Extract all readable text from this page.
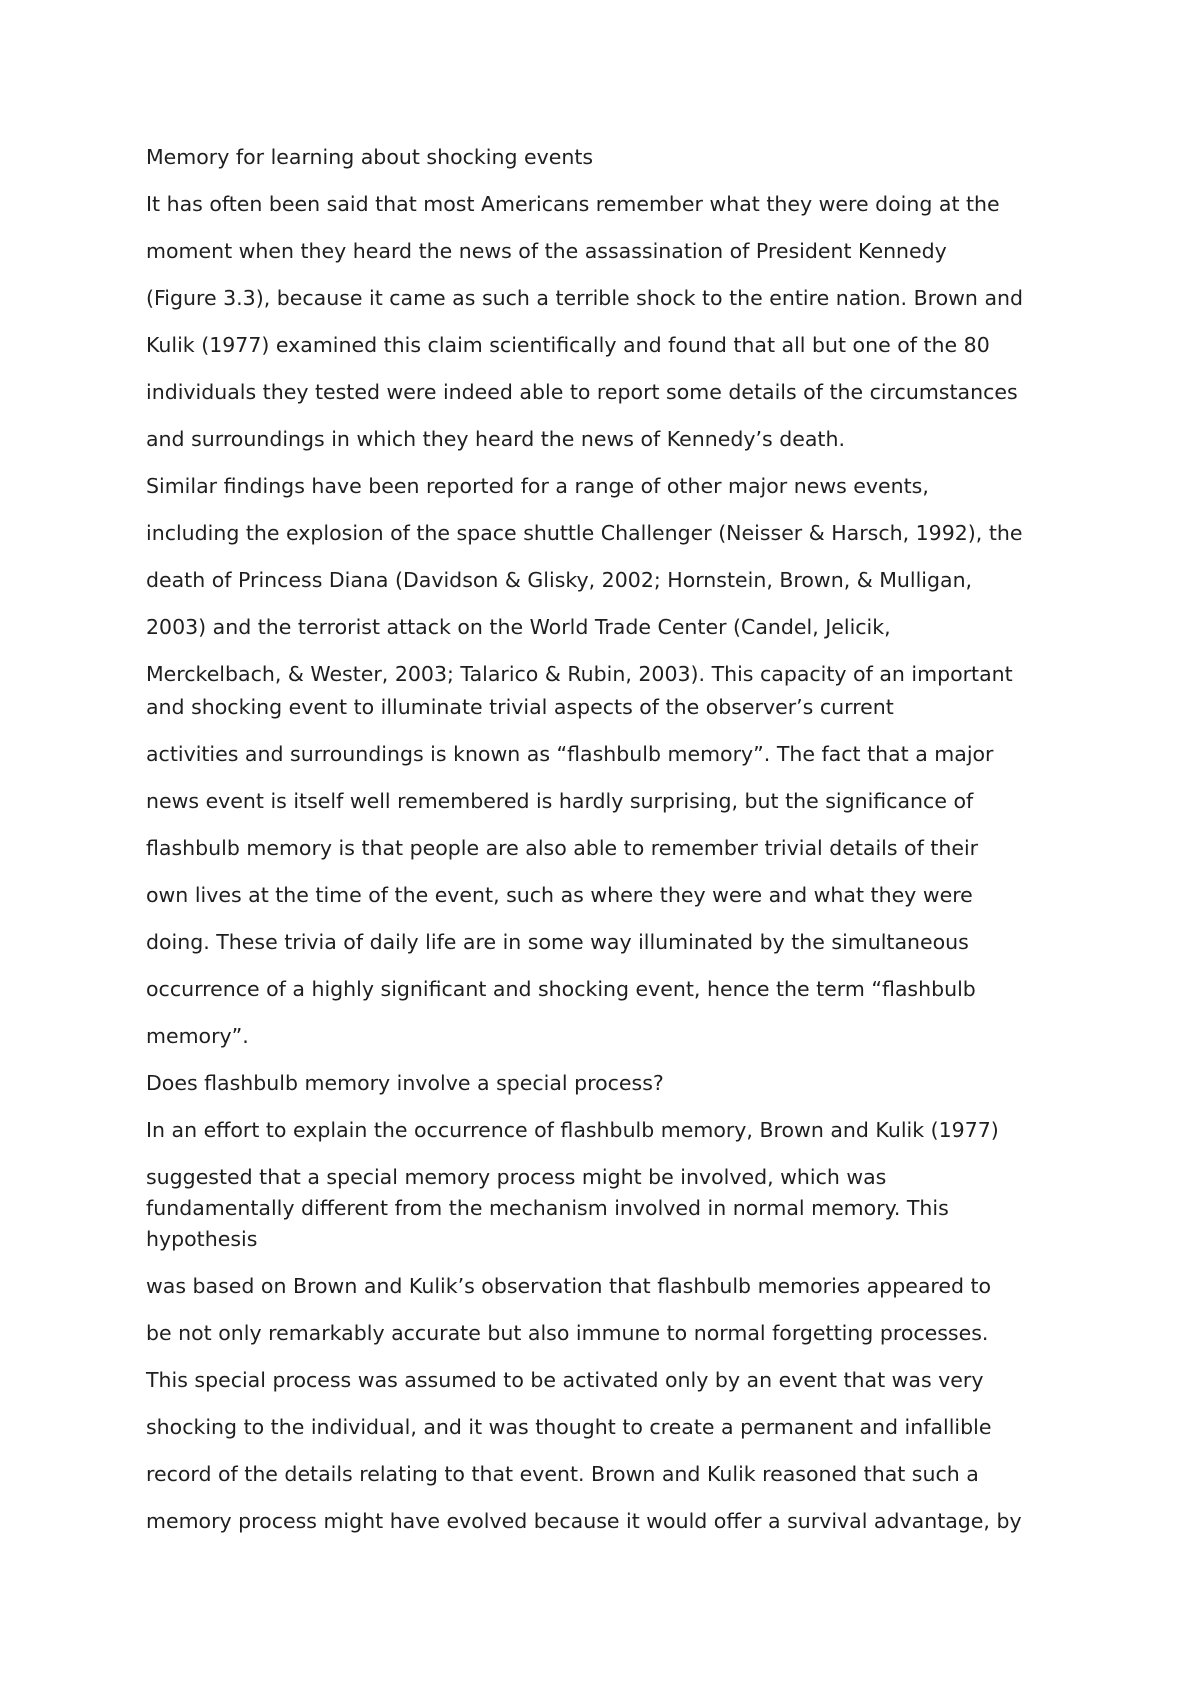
Memory for learning about shocking events

It has often been said that most Americans remember what they were doing at the

moment when they heard the news of the assassination of President Kennedy

(Figure 3.3), because it came as such a terrible shock to the entire nation. Brown and

Kulik (1977) examined this claim scientifically and found that all but one of the 80

individuals they tested were indeed able to report some details of the circumstances

and surroundings in which they heard the news of Kennedy’s death.

Similar findings have been reported for a range of other major news events,

including the explosion of the space shuttle Challenger (Neisser & Harsch, 1992), the

death of Princess Diana (Davidson & Glisky, 2002; Hornstein, Brown, & Mulligan,

2003) and the terrorist attack on the World Trade Center (Candel, Jelicik,

Merckelbach, & Wester, 2003; Talarico & Rubin, 2003). This capacity of an important

and shocking event to illuminate trivial aspects of the observer’s current

activities and surroundings is known as “flashbulb memory”. The fact that a major

news event is itself well remembered is hardly surprising, but the significance of

flashbulb memory is that people are also able to remember trivial details of their

own lives at the time of the event, such as where they were and what they were

doing. These trivia of daily life are in some way illuminated by the simultaneous

occurrence of a highly significant and shocking event, hence the term “flashbulb

memory”.

Does flashbulb memory involve a special process?

In an effort to explain the occurrence of flashbulb memory, Brown and Kulik (1977)

suggested that a special memory process might be involved, which was

fundamentally different from the mechanism involved in normal memory. This

hypothesis

was based on Brown and Kulik’s observation that flashbulb memories appeared to

be not only remarkably accurate but also immune to normal forgetting processes.

This special process was assumed to be activated only by an event that was very

shocking to the individual, and it was thought to create a permanent and infallible

record of the details relating to that event. Brown and Kulik reasoned that such a

memory process might have evolved because it would offer a survival advantage, by
